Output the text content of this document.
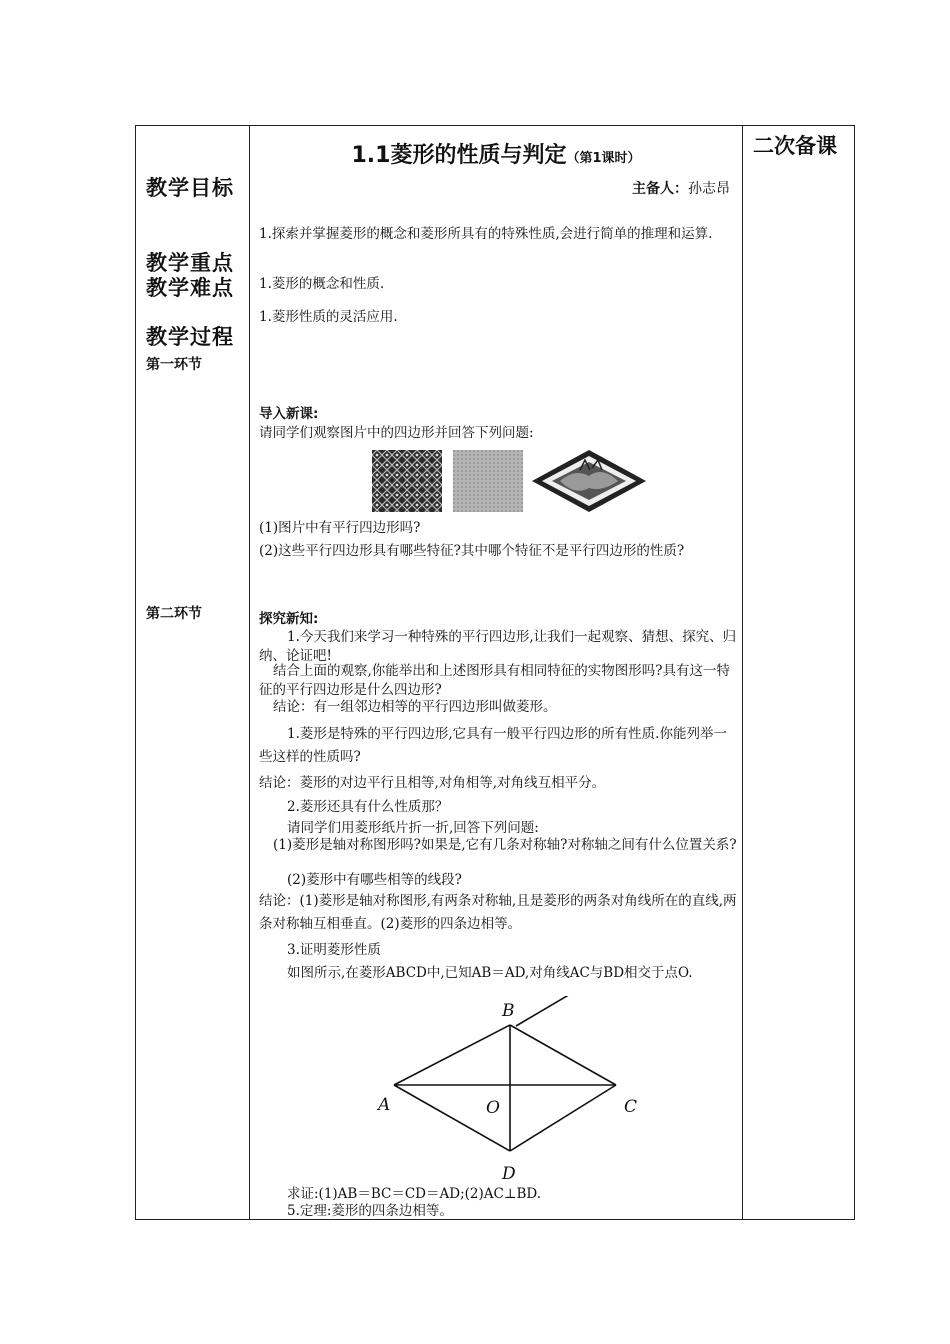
教学目标
教学重点
教学难点
教学过程
第一环节
第二环节
1.1菱形的性质与判定（第1课时）
主备人：孙志昂
1.探索并掌握菱形的概念和菱形所具有的特殊性质,会进行简单的推理和运算.
1.菱形的概念和性质.
1.菱形性质的灵活应用.
导入新课:
请同学们观察图片中的四边形并回答下列问题:
(1)图片中有平行四边形吗?
(2)这些平行四边形具有哪些特征?其中哪个特征不是平行四边形的性质?
探究新知:
1.今天我们来学习一种特殊的平行四边形,让我们一起观察、猜想、探究、归纳、论证吧!
结合上面的观察,你能举出和上述图形具有相同特征的实物图形吗?具有这一特征的平行四边形是什么四边形?
结论：有一组邻边相等的平行四边形叫做菱形。
1.菱形是特殊的平行四边形,它具有一般平行四边形的所有性质.你能列举一些这样的性质吗?
结论：菱形的对边平行且相等,对角相等,对角线互相平分。
2.菱形还具有什么性质那？
请同学们用菱形纸片折一折,回答下列问题:
(1)菱形是轴对称图形吗?如果是,它有几条对称轴?对称轴之间有什么位置关系?
(2)菱形中有哪些相等的线段?
结论：(1)菱形是轴对称图形,有两条对称轴,且是菱形的两条对角线所在的直线,两条对称轴互相垂直。(2)菱形的四条边相等。
3.证明菱形性质
如图所示,在菱形ABCD中,已知AB＝AD,对角线AC与BD相交于点O.
B
A	O	C
D
求证:(1)AB＝BC＝CD＝AD;(2)AC⊥BD.
5.定理:菱形的四条边相等。
二次备课
